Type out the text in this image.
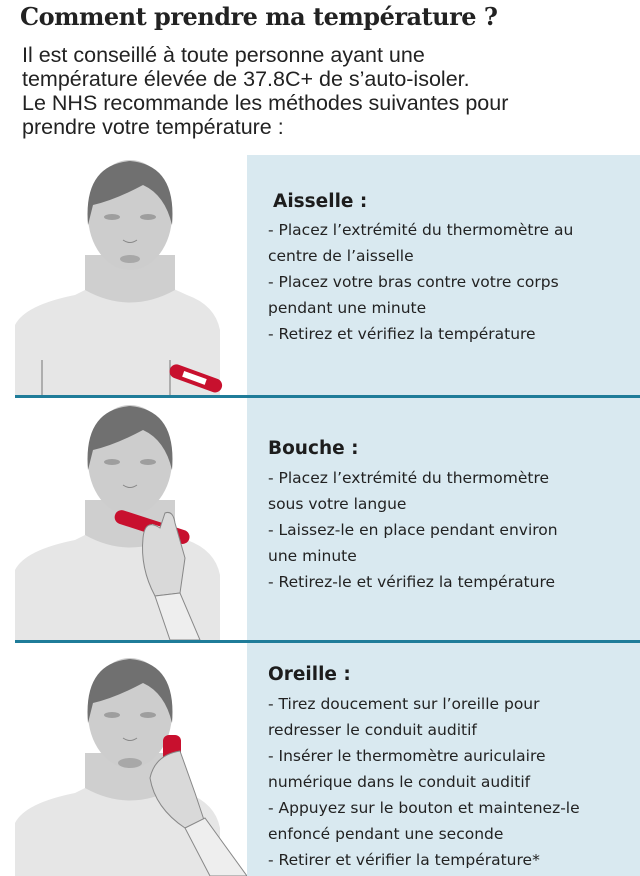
Comment prendre ma température ?
Il est conseillé à toute personne ayant une
température élevée de 37.8C+ de s’auto-isoler.
Le NHS recommande les méthodes suivantes pour
prendre votre température :
Aisselle :
- Placez l’extrémité du thermomètre au
centre de l’aisselle
- Placez votre bras contre votre corps
pendant une minute
- Retirez et vérifiez la température
Bouche :
- Placez l’extrémité du thermomètre
sous votre langue
- Laissez-le en place pendant environ
une minute
- Retirez-le et vérifiez la température
Oreille :
- Tirez doucement sur l’oreille pour
redresser le conduit auditif
- Insérer le thermomètre auriculaire
numérique dans le conduit auditif
- Appuyez sur le bouton et maintenez-le
enfoncé pendant une seconde
- Retirer et vérifier la température*
